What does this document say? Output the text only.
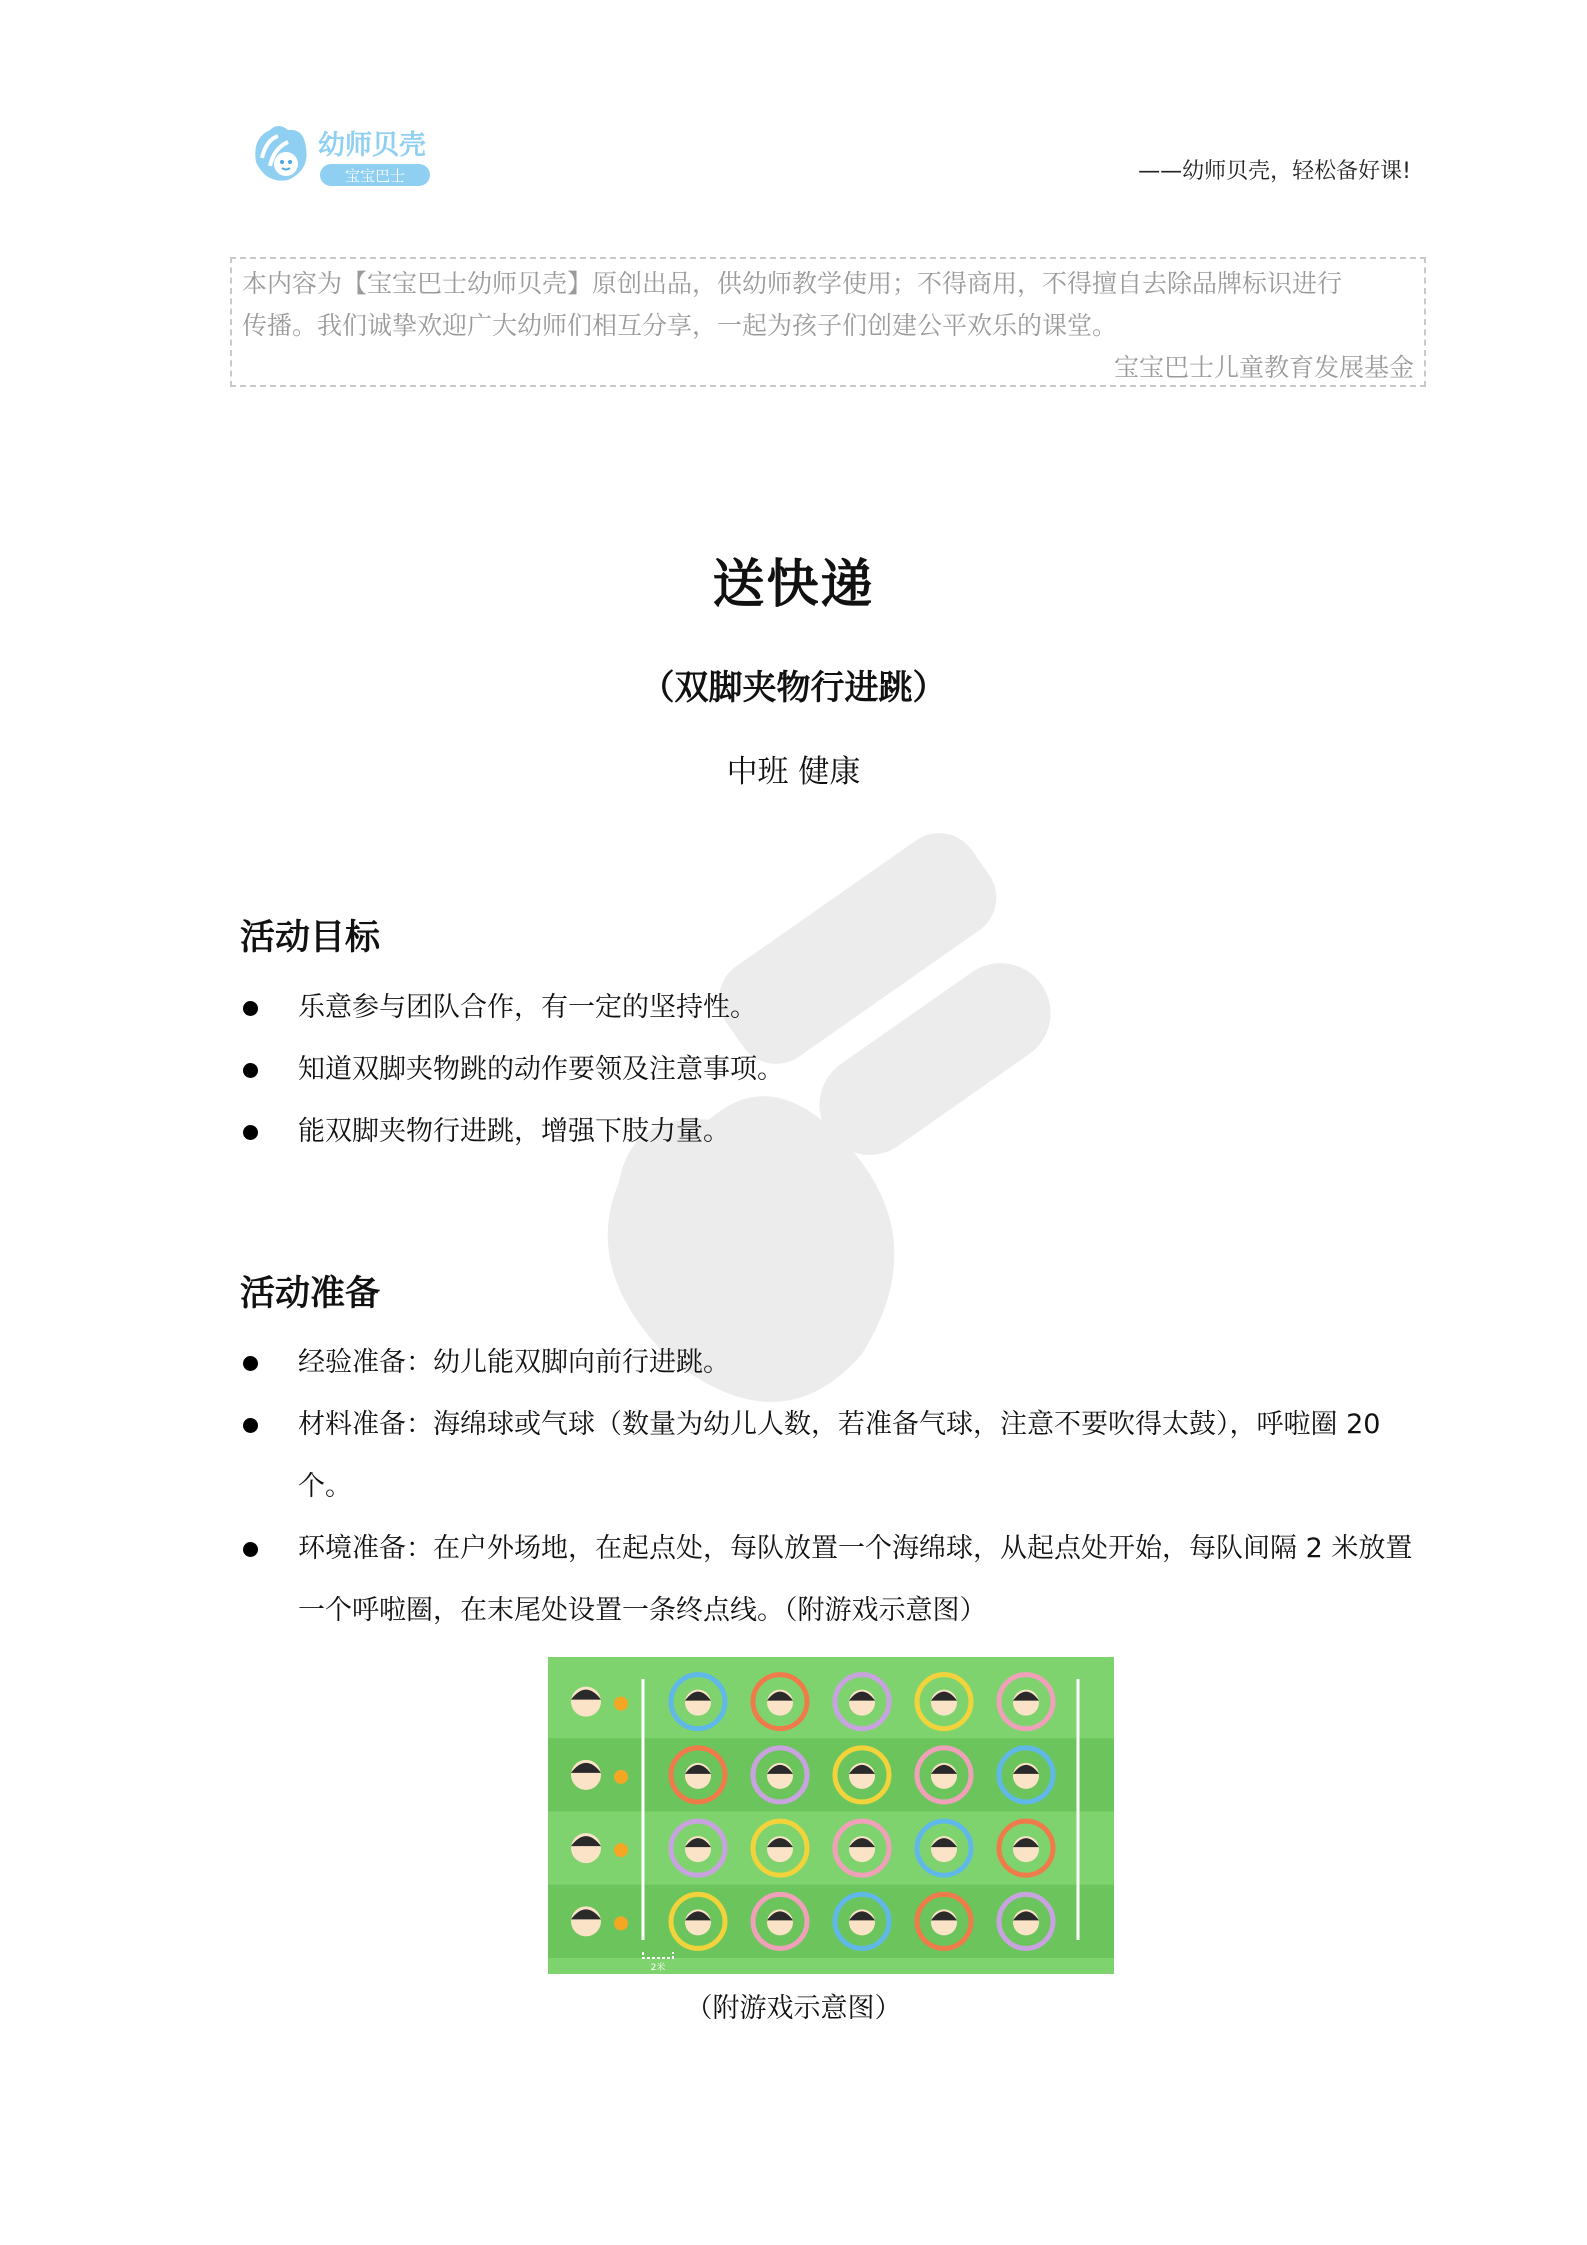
幼师贝壳
宝宝巴士	——幼师贝壳，轻松备好课!
本内容为【宝宝巴士幼师贝壳】原创出品，供幼师教学使用；不得商用，不得擅自去除品牌标识进行
传播。我们诚挚欢迎广大幼师们相互分享，一起为孩子们创建公平欢乐的课堂。
宝宝巴士儿童教育发展基金
送快递
（双脚夹物行进跳）
中班 健康
活动目标
乐意参与团队合作，有一定的坚持性。
知道双脚夹物跳的动作要领及注意事项。
能双脚夹物行进跳，增强下肢力量。
活动准备
经验准备：幼儿能双脚向前行进跳。
材料准备：海绵球或气球（数量为幼儿人数，若准备气球，注意不要吹得太鼓），呼啦圈 20 个。
环境准备：在户外场地，在起点处，每队放置一个海绵球，从起点处开始，每队间隔 2 米放置一个呼啦圈，在末尾处设置一条终点线。（附游戏示意图）
2米
（附游戏示意图）
